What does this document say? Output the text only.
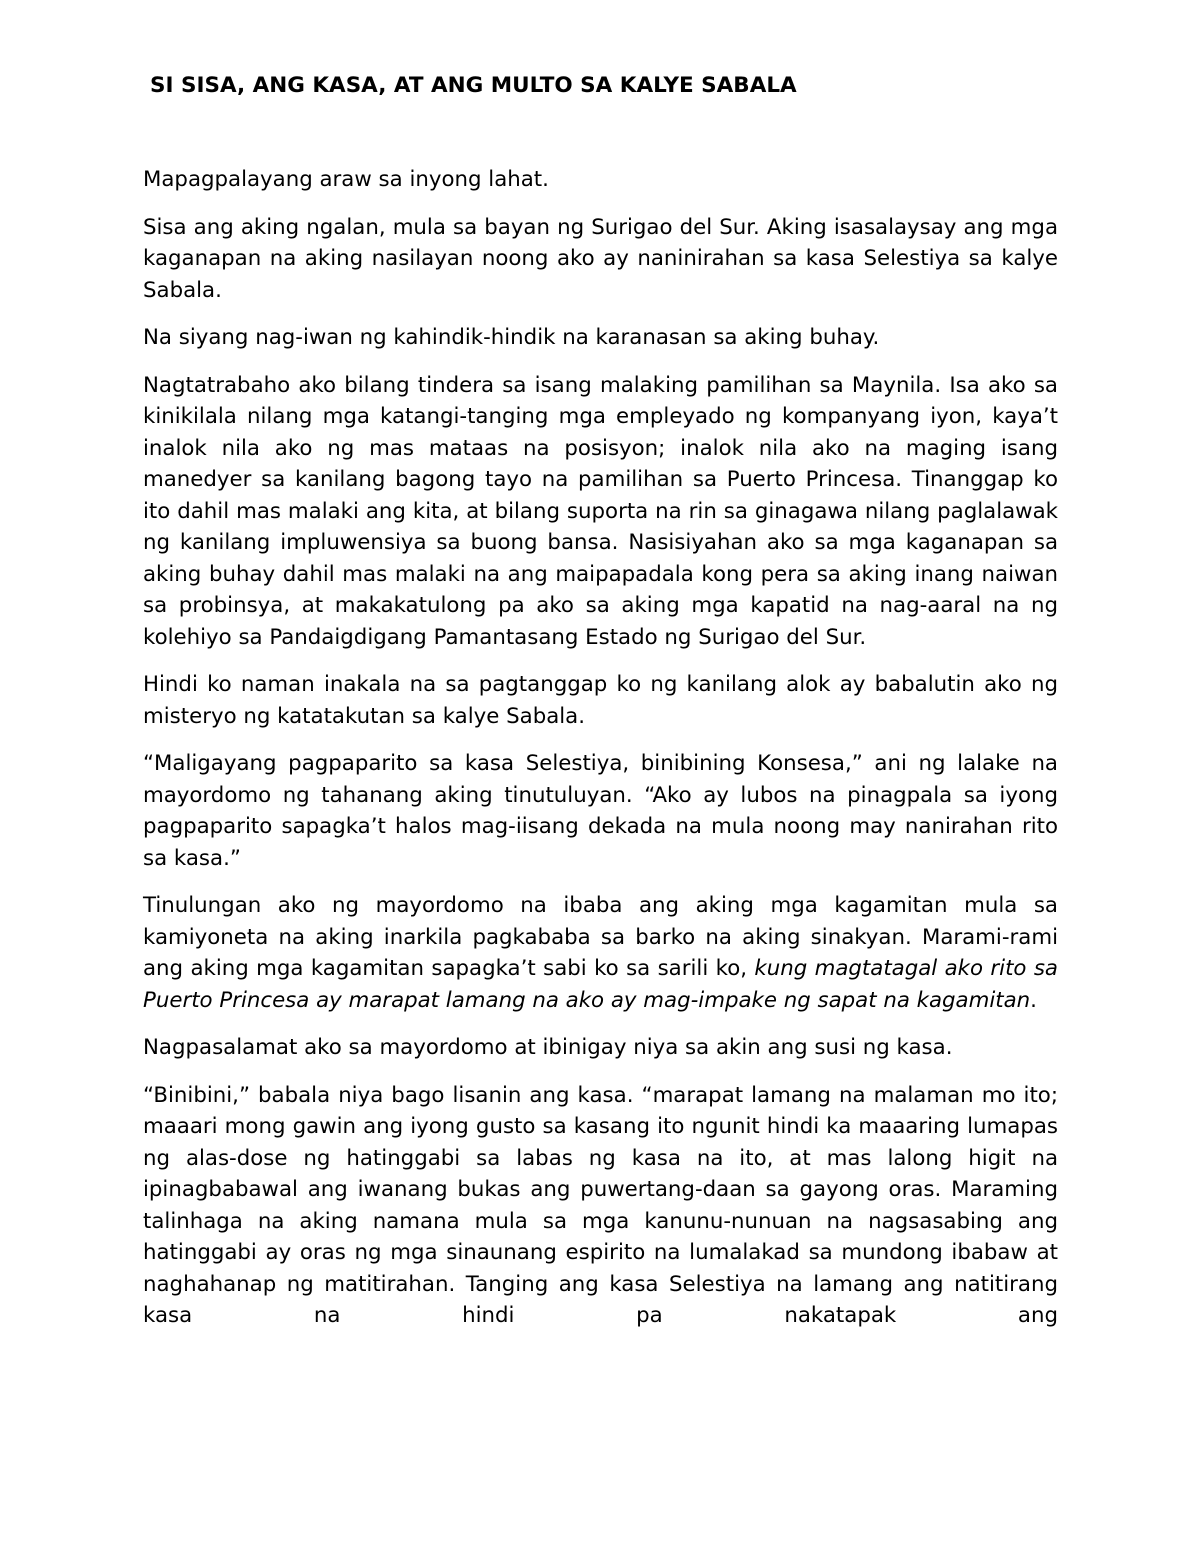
SI SISA, ANG KASA, AT ANG MULTO SA KALYE SABALA

Mapagpalayang araw sa inyong lahat.

Sisa ang aking ngalan, mula sa bayan ng Surigao del Sur. Aking isasalaysay ang mga kaganapan na aking nasilayan noong ako ay naninirahan sa kasa Selestiya sa kalye Sabala.

Na siyang nag-iwan ng kahindik-hindik na karanasan sa aking buhay.

Nagtatrabaho ako bilang tindera sa isang malaking pamilihan sa Maynila. Isa ako sa kinikilala nilang mga katangi-tanging mga empleyado ng kompanyang iyon, kaya’t inalok nila ako ng mas mataas na posisyon; inalok nila ako na maging isang manedyer sa kanilang bagong tayo na pamilihan sa Puerto Princesa. Tinanggap ko ito dahil mas malaki ang kita, at bilang suporta na rin sa ginagawa nilang paglalawak ng kanilang impluwensiya sa buong bansa. Nasisiyahan ako sa mga kaganapan sa aking buhay dahil mas malaki na ang maipapadala kong pera sa aking inang naiwan sa probinsya, at makakatulong pa ako sa aking mga kapatid na nag-aaral na ng kolehiyo sa Pandaigdigang Pamantasang Estado ng Surigao del Sur.

Hindi ko naman inakala na sa pagtanggap ko ng kanilang alok ay babalutin ako ng misteryo ng katatakutan sa kalye Sabala.

“Maligayang pagpaparito sa kasa Selestiya, binibining Konsesa,” ani ng lalake na mayordomo ng tahanang aking tinutuluyan. “Ako ay lubos na pinagpala sa iyong pagpaparito sapagka’t halos mag-iisang dekada na mula noong may nanirahan rito sa kasa.”

Tinulungan ako ng mayordomo na ibaba ang aking mga kagamitan mula sa kamiyoneta na aking inarkila pagkababa sa barko na aking sinakyan. Marami-rami ang aking mga kagamitan sapagka’t sabi ko sa sarili ko, kung magtatagal ako rito sa Puerto Princesa ay marapat lamang na ako ay mag-impake ng sapat na kagamitan.

Nagpasalamat ako sa mayordomo at ibinigay niya sa akin ang susi ng kasa.

“Binibini,” babala niya bago lisanin ang kasa. “marapat lamang na malaman mo ito; maaari mong gawin ang iyong gusto sa kasang ito ngunit hindi ka maaaring lumapas ng alas-dose ng hatinggabi sa labas ng kasa na ito, at mas lalong higit na ipinagbabawal ang iwanang bukas ang puwertang-daan sa gayong oras. Maraming talinhaga na aking namana mula sa mga kanunu-nunuan na nagsasabing ang hatinggabi ay oras ng mga sinaunang espirito na lumalakad sa mundong ibabaw at naghahanap ng matitirahan. Tanging ang kasa Selestiya na lamang ang natitirang kasa na hindi pa nakatapak ang
